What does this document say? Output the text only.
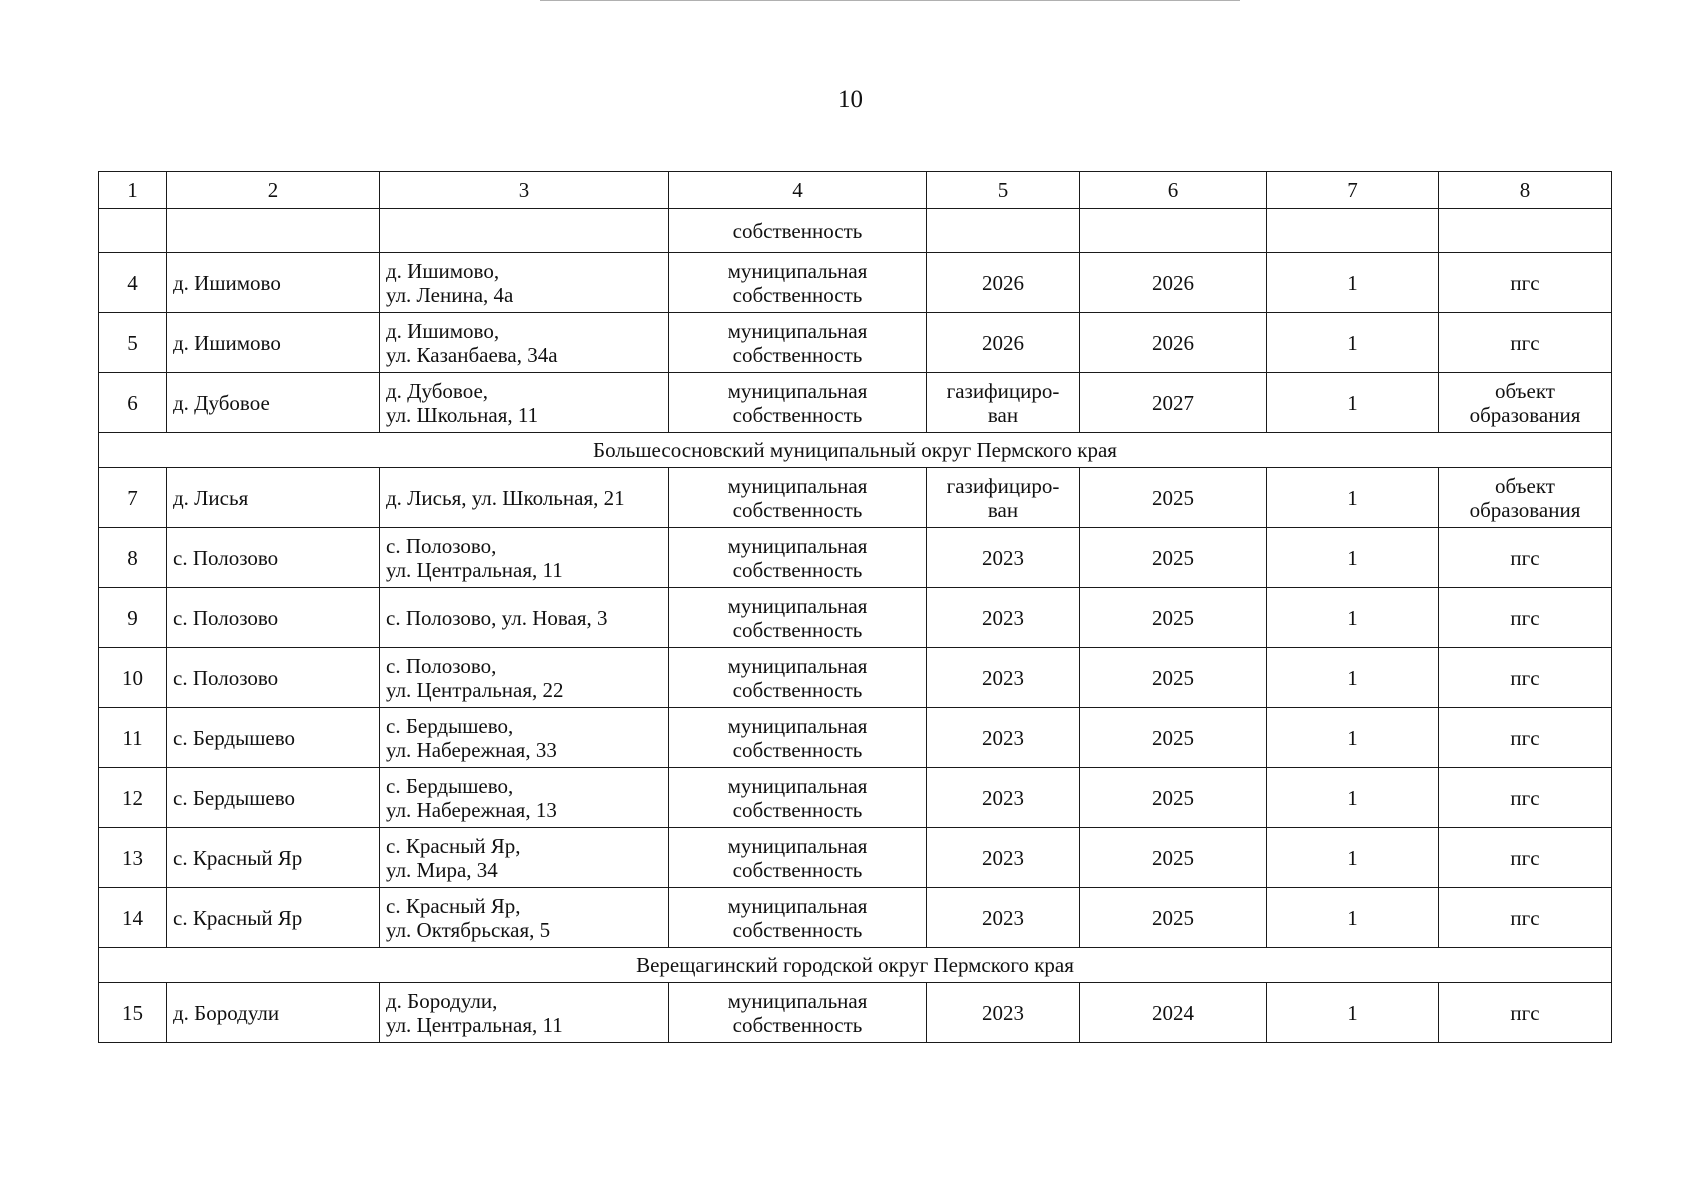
10
1	2	3	4	5	6	7	8
			собственность				
4	д. Ишимово	д. Ишимово,
ул. Ленина, 4а	муниципальная
собственность	2026	2026	1	пгс
5	д. Ишимово	д. Ишимово,
ул. Казанбаева, 34а	муниципальная
собственность	2026	2026	1	пгс
6	д. Дубовое	д. Дубовое,
ул. Школьная, 11	муниципальная
собственность	газифициро-
ван	2027	1	объект
образования
Большесосновский муниципальный округ Пермского края							
7	д. Лисья	д. Лисья, ул. Школьная, 21	муниципальная
собственность	газифициро-
ван	2025	1	объект
образования
8	с. Полозово	с. Полозово,
ул. Центральная, 11	муниципальная
собственность	2023	2025	1	пгс
9	с. Полозово	с. Полозово, ул. Новая, 3	муниципальная
собственность	2023	2025	1	пгс
10	с. Полозово	с. Полозово,
ул. Центральная, 22	муниципальная
собственность	2023	2025	1	пгс
11	с. Бердышево	с. Бердышево,
ул. Набережная, 33	муниципальная
собственность	2023	2025	1	пгс
12	с. Бердышево	с. Бердышево,
ул. Набережная, 13	муниципальная
собственность	2023	2025	1	пгс
13	с. Красный Яр	с. Красный Яр,
ул. Мира, 34	муниципальная
собственность	2023	2025	1	пгс
14	с. Красный Яр	с. Красный Яр,
ул. Октябрьская, 5	муниципальная
собственность	2023	2025	1	пгс
Верещагинский городской округ Пермского края							
15	д. Бородули	д. Бородули,
ул. Центральная, 11	муниципальная
собственность	2023	2024	1	пгс
